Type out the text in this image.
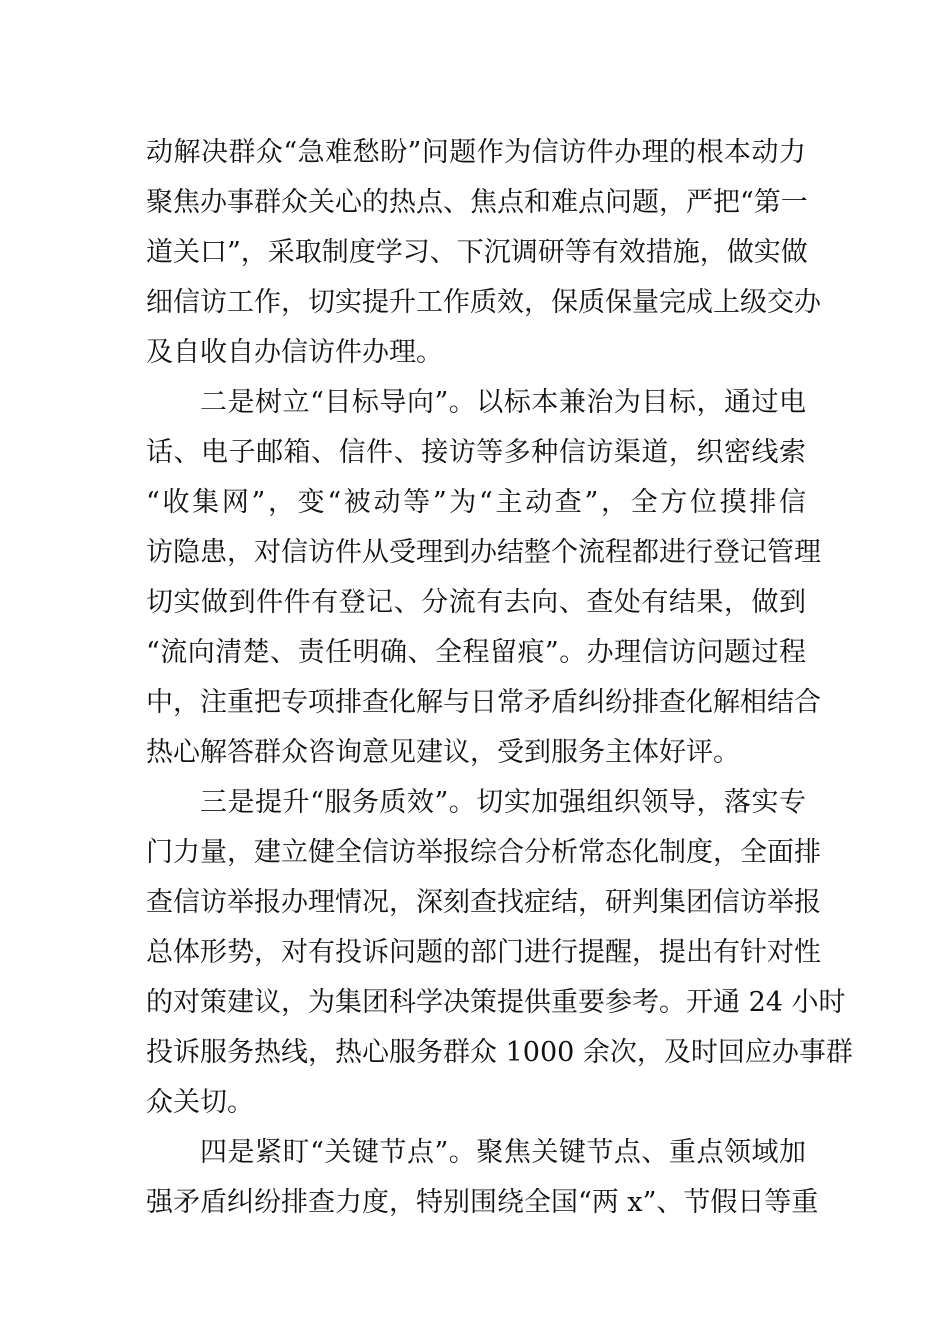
动解决群众“急难愁盼”问题作为信访件办理的根本动力
聚焦办事群众关心的热点、焦点和难点问题，严把“第一
道关口”，采取制度学习、下沉调研等有效措施，做实做
细信访工作，切实提升工作质效，保质保量完成上级交办
及自收自办信访件办理。
二是树立“目标导向”。以标本兼治为目标，通过电
话、电子邮箱、信件、接访等多种信访渠道，织密线索
“收集网”，变“被动等”为“主动查”，全方位摸排信
访隐患，对信访件从受理到办结整个流程都进行登记管理
切实做到件件有登记、分流有去向、查处有结果，做到
“流向清楚、责任明确、全程留痕”。办理信访问题过程
中，注重把专项排查化解与日常矛盾纠纷排查化解相结合
热心解答群众咨询意见建议，受到服务主体好评。
三是提升“服务质效”。切实加强组织领导，落实专
门力量，建立健全信访举报综合分析常态化制度，全面排
查信访举报办理情况，深刻查找症结，研判集团信访举报
总体形势，对有投诉问题的部门进行提醒，提出有针对性
的对策建议，为集团科学决策提供重要参考。开通 24 小时
投诉服务热线，热心服务群众 1000 余次，及时回应办事群
众关切。
四是紧盯“关键节点”。聚焦关键节点、重点领域加
强矛盾纠纷排查力度，特别围绕全国“两 x”、节假日等重
